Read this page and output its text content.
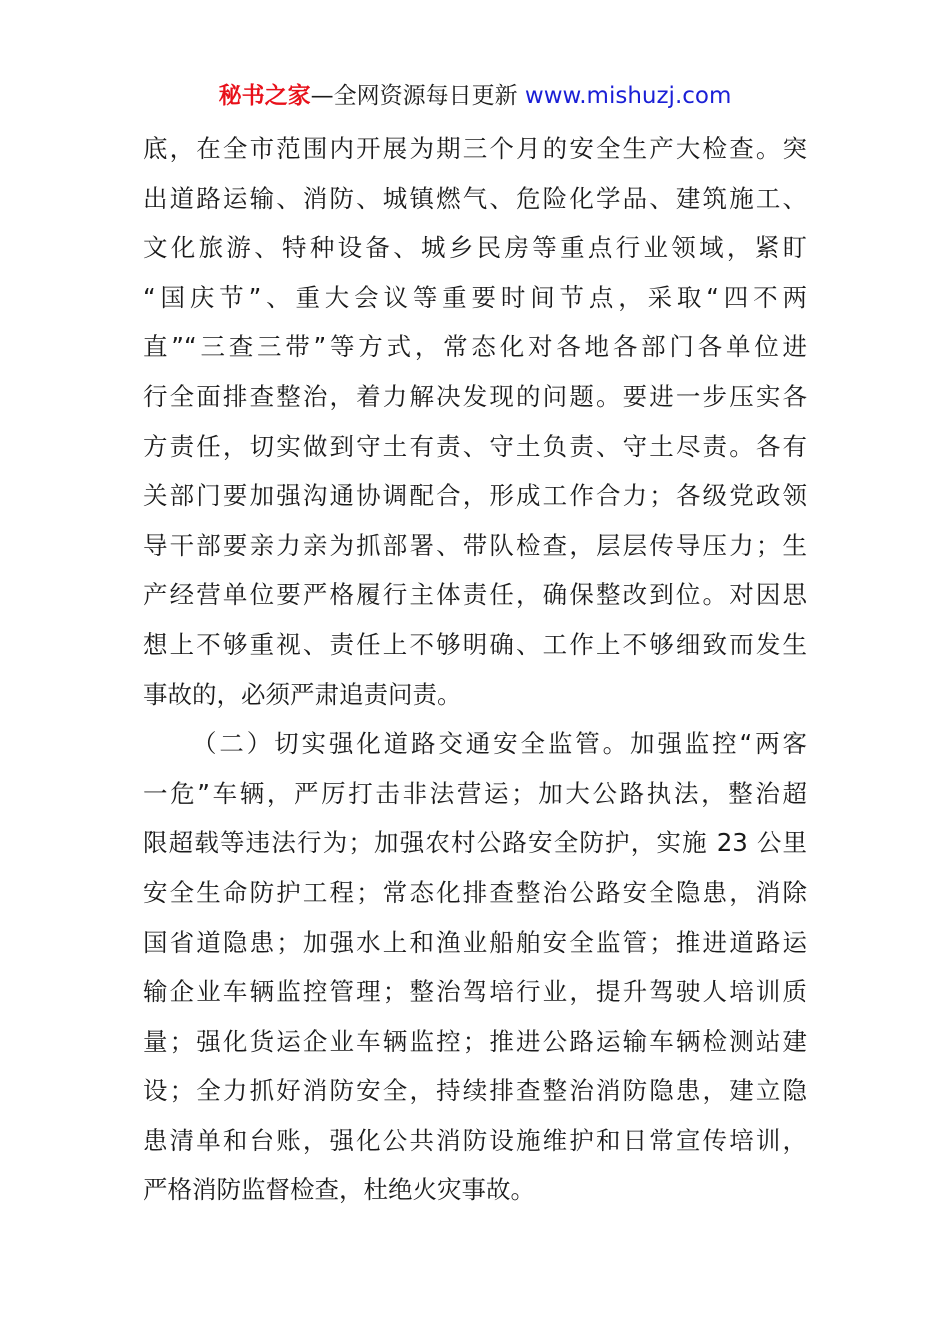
秘书之家—全网资源每日更新 www.mishuzj.com
底，在全市范围内开展为期三个月的安全生产大检查。突
出道路运输、消防、城镇燃气、危险化学品、建筑施工、
文化旅游、特种设备、城乡民房等重点行业领域，紧盯
“国庆节”、重大会议等重要时间节点，采取“四不两
直”“三查三带”等方式，常态化对各地各部门各单位进
行全面排查整治，着力解决发现的问题。要进一步压实各
方责任，切实做到守土有责、守土负责、守土尽责。各有
关部门要加强沟通协调配合，形成工作合力；各级党政领
导干部要亲力亲为抓部署、带队检查，层层传导压力；生
产经营单位要严格履行主体责任，确保整改到位。对因思
想上不够重视、责任上不够明确、工作上不够细致而发生
事故的，必须严肃追责问责。
（二）切实强化道路交通安全监管。加强监控“两客
一危”车辆，严厉打击非法营运；加大公路执法，整治超
限超载等违法行为；加强农村公路安全防护，实施 23 公里
安全生命防护工程；常态化排查整治公路安全隐患，消除
国省道隐患；加强水上和渔业船舶安全监管；推进道路运
输企业车辆监控管理；整治驾培行业，提升驾驶人培训质
量；强化货运企业车辆监控；推进公路运输车辆检测站建
设；全力抓好消防安全，持续排查整治消防隐患，建立隐
患清单和台账，强化公共消防设施维护和日常宣传培训，
严格消防监督检查，杜绝火灾事故。
